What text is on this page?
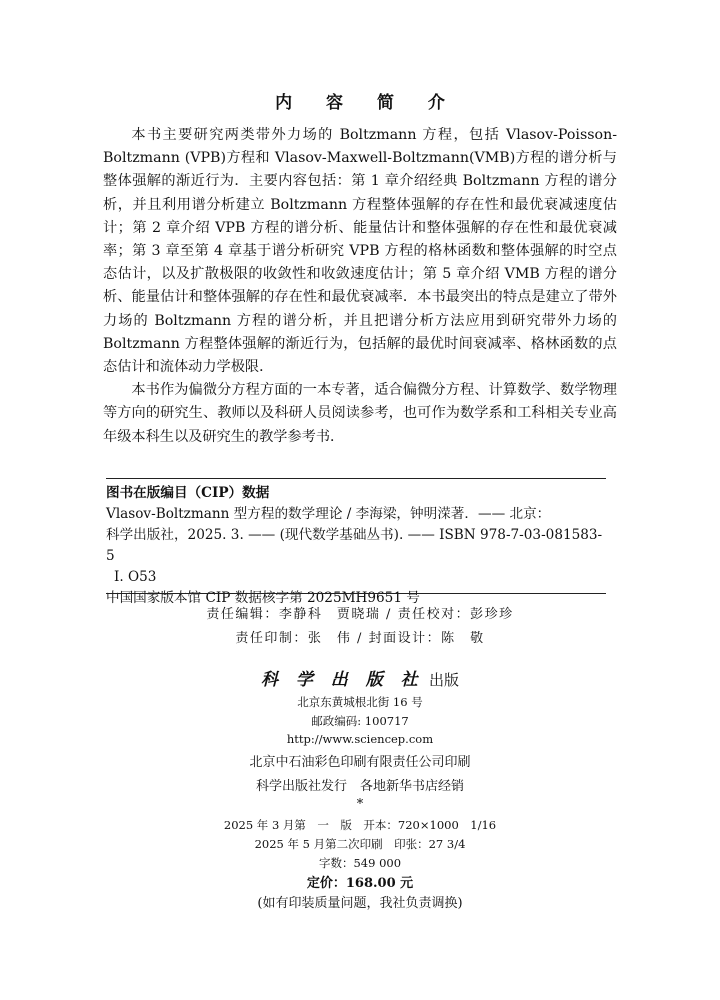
内 容 简 介

本书主要研究两类带外力场的 Boltzmann 方程，包括 Vlasov-Poisson-Boltzmann (VPB)方程和 Vlasov-Maxwell-Boltzmann(VMB)方程的谱分析与整体强解的渐近行为．主要内容包括：第 1 章介绍经典 Boltzmann 方程的谱分析，并且利用谱分析建立 Boltzmann 方程整体强解的存在性和最优衰减速度估计；第 2 章介绍 VPB 方程的谱分析、能量估计和整体强解的存在性和最优衰减率；第 3 章至第 4 章基于谱分析研究 VPB 方程的格林函数和整体强解的时空点态估计，以及扩散极限的收敛性和收敛速度估计；第 5 章介绍 VMB 方程的谱分析、能量估计和整体强解的存在性和最优衰减率．本书最突出的特点是建立了带外力场的 Boltzmann 方程的谱分析，并且把谱分析方法应用到研究带外力场的 Boltzmann 方程整体强解的渐近行为，包括解的最优时间衰减率、格林函数的点态估计和流体动力学极限．

本书作为偏微分方程方面的一本专著，适合偏微分方程、计算数学、数学物理等方向的研究生、教师以及科研人员阅读参考，也可作为数学系和工科相关专业高年级本科生以及研究生的教学参考书．

图书在版编目（CIP）数据
Vlasov-Boltzmann 型方程的数学理论 / 李海梁，钟明溁著．—— 北京：
科学出版社，2025. 3. —— (现代数学基础丛书). —— ISBN 978-7-03-081583-5
Ⅰ. O53
中国国家版本馆 CIP 数据核字第 2025MH9651 号
责任编辑：李静科　贾晓瑞 / 责任校对：彭珍珍
责任印制：张　伟 / 封面设计：陈　敬
科 学 出 版 社 出版
北京东黄城根北街 16 号
邮政编码: 100717
http://www.sciencep.com
北京中石油彩色印刷有限责任公司印刷
科学出版社发行　各地新华书店经销
*
2025 年 3 月第　一　版　开本：720×1000　1/16
2025 年 5 月第二次印刷　印张：27 3/4
字数：549 000
定价：168.00 元
(如有印装质量问题，我社负责调换)
